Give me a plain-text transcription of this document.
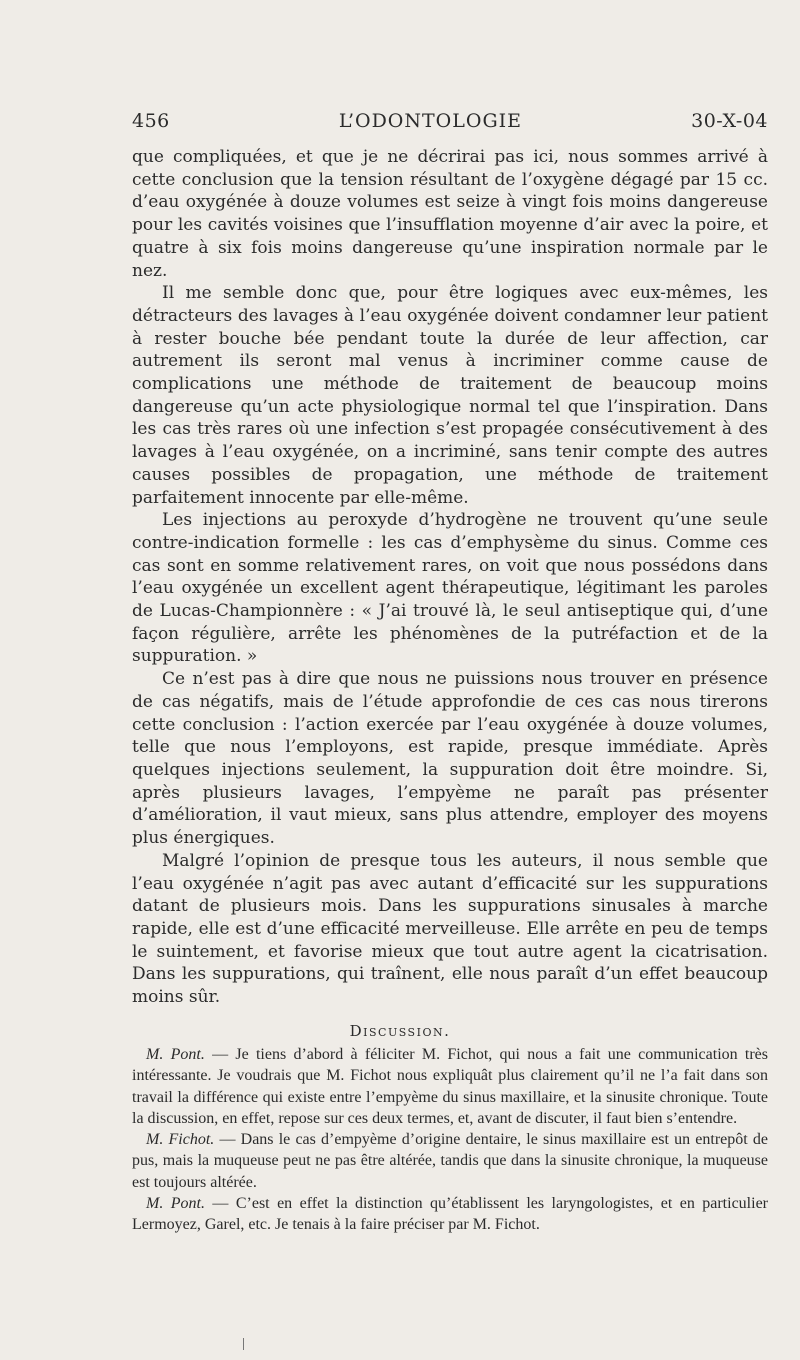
456	L’ODONTOLOGIE	30-X-04

que compliquées, et que je ne décrirai pas ici, nous sommes arrivé à cette conclusion que la tension résultant de l’oxygène dégagé par 15 cc. d’eau oxygénée à douze volumes est seize à vingt fois moins dangereuse pour les cavités voisines que l’insufflation moyenne d’air avec la poire, et quatre à six fois moins dangereuse qu’une inspiration normale par le nez.

Il me semble donc que, pour être logiques avec eux-mêmes, les détracteurs des lavages à l’eau oxygénée doivent condamner leur patient à rester bouche bée pendant toute la durée de leur affection, car autrement ils seront mal venus à incriminer comme cause de complications une méthode de traitement de beaucoup moins dangereuse qu’un acte physiologique normal tel que l’inspiration. Dans les cas très rares où une infection s’est propagée consécutivement à des lavages à l’eau oxygénée, on a incriminé, sans tenir compte des autres causes possibles de propagation, une méthode de traitement parfaitement innocente par elle-même.

Les injections au peroxyde d’hydrogène ne trouvent qu’une seule contre-indication formelle : les cas d’emphysème du sinus. Comme ces cas sont en somme relativement rares, on voit que nous possédons dans l’eau oxygénée un excellent agent thérapeutique, légitimant les paroles de Lucas-Championnère : « J’ai trouvé là, le seul antiseptique qui, d’une façon régulière, arrête les phénomènes de la putréfaction et de la suppuration. »

Ce n’est pas à dire que nous ne puissions nous trouver en présence de cas négatifs, mais de l’étude approfondie de ces cas nous tirerons cette conclusion : l’action exercée par l’eau oxygénée à douze volumes, telle que nous l’employons, est rapide, presque immédiate. Après quelques injections seulement, la suppuration doit être moindre. Si, après plusieurs lavages, l’empyème ne paraît pas présenter d’amélioration, il vaut mieux, sans plus attendre, employer des moyens plus énergiques.

Malgré l’opinion de presque tous les auteurs, il nous semble que l’eau oxygénée n’agit pas avec autant d’efficacité sur les suppurations datant de plusieurs mois. Dans les suppurations sinusales à marche rapide, elle est d’une efficacité merveilleuse. Elle arrête en peu de temps le suintement, et favorise mieux que tout autre agent la cicatrisation. Dans les suppurations, qui traînent, elle nous paraît d’un effet beaucoup moins sûr.

Discussion.

M. Pont. — Je tiens d’abord à féliciter M. Fichot, qui nous a fait une communication très intéressante. Je voudrais que M. Fichot nous expliquât plus clairement qu’il ne l’a fait dans son travail la différence qui existe entre l’empyème du sinus maxillaire, et la sinusite chronique. Toute la discussion, en effet, repose sur ces deux termes, et, avant de discuter, il faut bien s’entendre.

M. Fichot. — Dans le cas d’empyème d’origine dentaire, le sinus maxillaire est un entrepôt de pus, mais la muqueuse peut ne pas être altérée, tandis que dans la sinusite chronique, la muqueuse est toujours altérée.

M. Pont. — C’est en effet la distinction qu’établissent les laryngologistes, et en particulier Lermoyez, Garel, etc. Je tenais à la faire préciser par M. Fichot.
